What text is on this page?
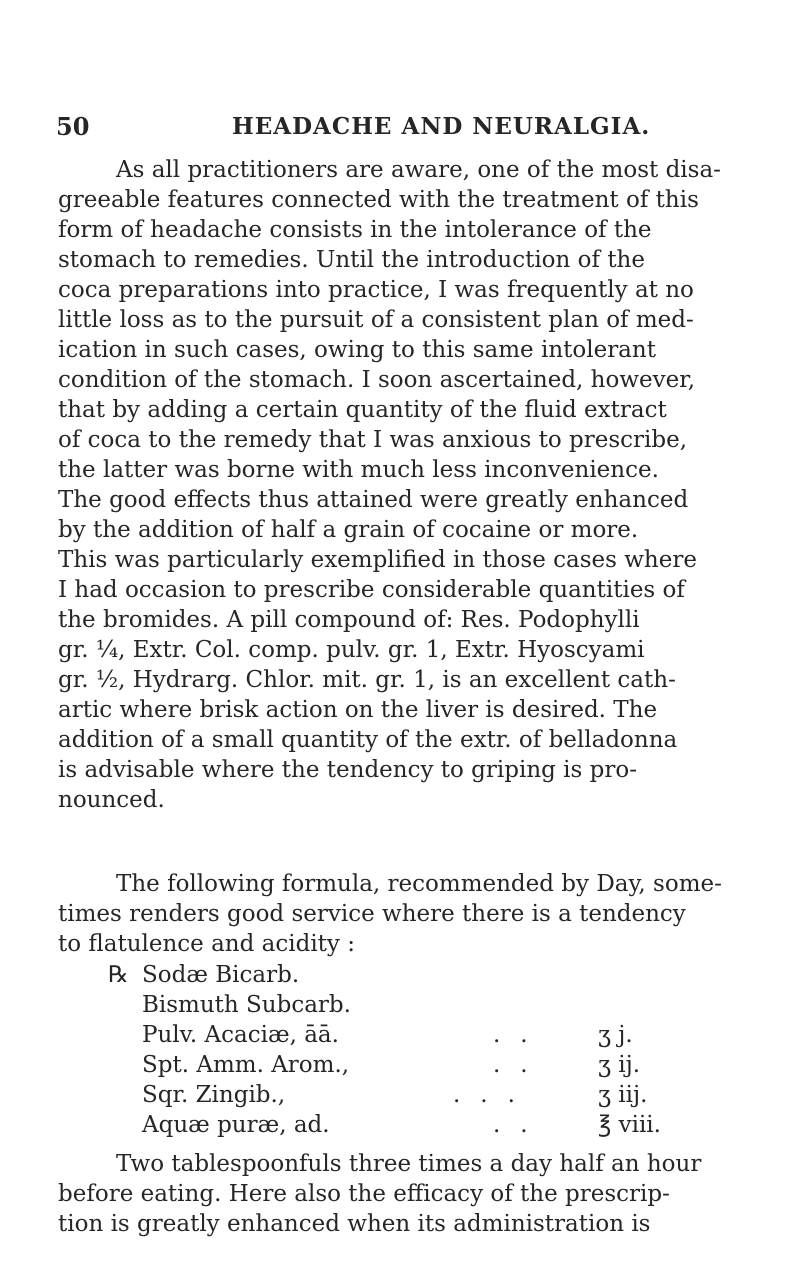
50	HEADACHE AND NEURALGIA.
As all practitioners are aware, one of the most disa-
greeable features connected with the treatment of this
form of headache consists in the intolerance of the
stomach to remedies. Until the introduction of the
coca preparations into practice, I was frequently at no
little loss as to the pursuit of a consistent plan of med-
ication in such cases, owing to this same intolerant
condition of the stomach. I soon ascertained, however,
that by adding a certain quantity of the fluid extract
of coca to the remedy that I was anxious to prescribe,
the latter was borne with much less inconvenience.
The good effects thus attained were greatly enhanced
by the addition of half a grain of cocaine or more.
This was particularly exemplified in those cases where
I had occasion to prescribe considerable quantities of
the bromides. A pill compound of: Res. Podophylli
gr. ¼, Extr. Col. comp. pulv. gr. 1, Extr. Hyoscyami
gr. ½, Hydrarg. Chlor. mit. gr. 1, is an excellent cath-
artic where brisk action on the liver is desired. The
addition of a small quantity of the extr. of belladonna
is advisable where the tendency to griping is pro-
nounced.
The following formula, recommended by Day, some-
times renders good service where there is a tendency
to flatulence and acidity :
℞ Sodæ Bicarb.
Bismuth Subcarb.
Pulv. Acaciæ, āā.	.. ʒ j.
Spt. Amm. Arom.,	.. ʒ ij.
Sqr. Zingib.,	...	ʒ iij.
Aquæ puræ, ad.	.. ℥ viii.
Two tablespoonfuls three times a day half an hour
before eating. Here also the efficacy of the prescrip-
tion is greatly enhanced when its administration is
